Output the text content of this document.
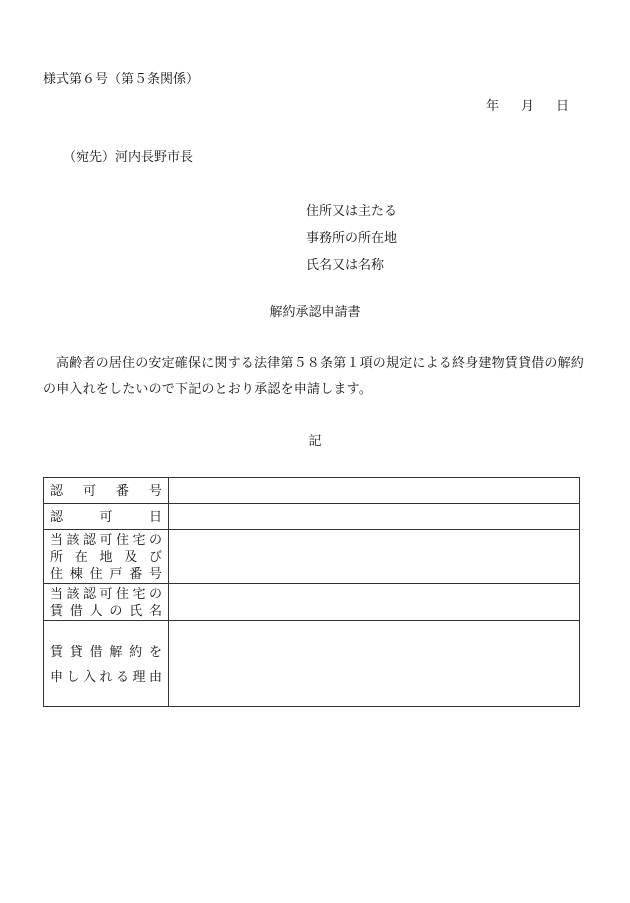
様式第６号（第５条関係）
年 月 日
（宛先）河内長野市長
住所又は主たる
事務所の所在地
氏名又は名称
解約承認申請書
高齢者の居住の安定確保に関する法律第５８条第１項の規定による終身建物賃貸借の解約の申入れをしたいので下記のとおり承認を申請します。
記
認可番号	

認可日	

当該認可住宅の
所在地及び
住棟住戸番号	

当該認可住宅の
賃借人の氏名	

賃貸借解約を
申し入れる理由	
